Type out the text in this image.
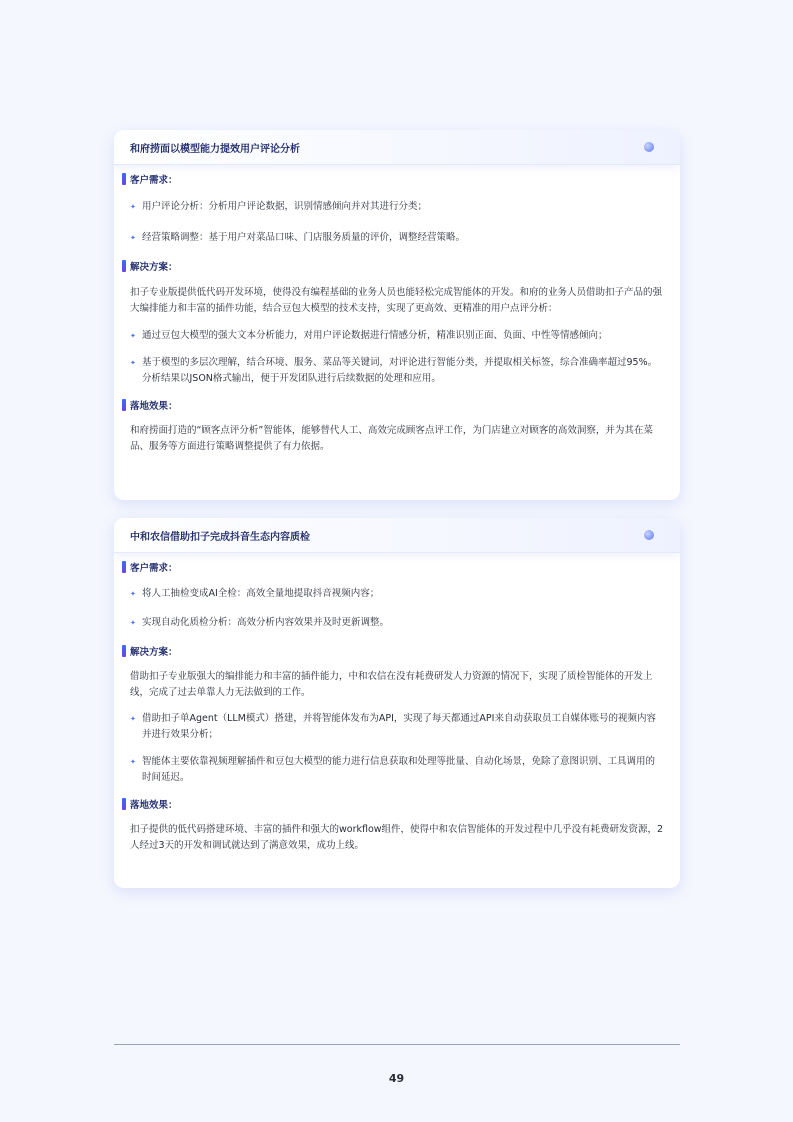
和府捞面以模型能力提效用户评论分析
客户需求：
✦ 用户评论分析：分析用户评论数据，识别情感倾向并对其进行分类；
✦ 经营策略调整：基于用户对菜品口味、门店服务质量的评价，调整经营策略。
解决方案：
扣子专业版提供低代码开发环境，使得没有编程基础的业务人员也能轻松完成智能体的开发。和府的业务人员借助扣子产品的强大编排能力和丰富的插件功能，结合豆包大模型的技术支持，实现了更高效、更精准的用户点评分析：
✦ 通过豆包大模型的强大文本分析能力，对用户评论数据进行情感分析，精准识别正面、负面、中性等情感倾向；
✦ 基于模型的多层次理解，结合环境、服务、菜品等关键词，对评论进行智能分类，并提取相关标签，综合准确率超过95%。分析结果以JSON格式输出，便于开发团队进行后续数据的处理和应用。
落地效果：
和府捞面打造的“顾客点评分析”智能体，能够替代人工、高效完成顾客点评工作，为门店建立对顾客的高效洞察，并为其在菜品、服务等方面进行策略调整提供了有力依据。
中和农信借助扣子完成抖音生态内容质检
客户需求：
✦ 将人工抽检变成AI全检：高效全量地提取抖音视频内容；
✦ 实现自动化质检分析：高效分析内容效果并及时更新调整。
解决方案：
借助扣子专业版强大的编排能力和丰富的插件能力，中和农信在没有耗费研发人力资源的情况下，实现了质检智能体的开发上线，完成了过去单靠人力无法做到的工作。
✦ 借助扣子单Agent（LLM模式）搭建，并将智能体发布为API，实现了每天都通过API来自动获取员工自媒体账号的视频内容并进行效果分析；
✦ 智能体主要依靠视频理解插件和豆包大模型的能力进行信息获取和处理等批量、自动化场景，免除了意图识别、工具调用的时间延迟。
落地效果：
扣子提供的低代码搭建环境、丰富的插件和强大的workflow组件，使得中和农信智能体的开发过程中几乎没有耗费研发资源，2人经过3天的开发和调试就达到了满意效果，成功上线。
49
